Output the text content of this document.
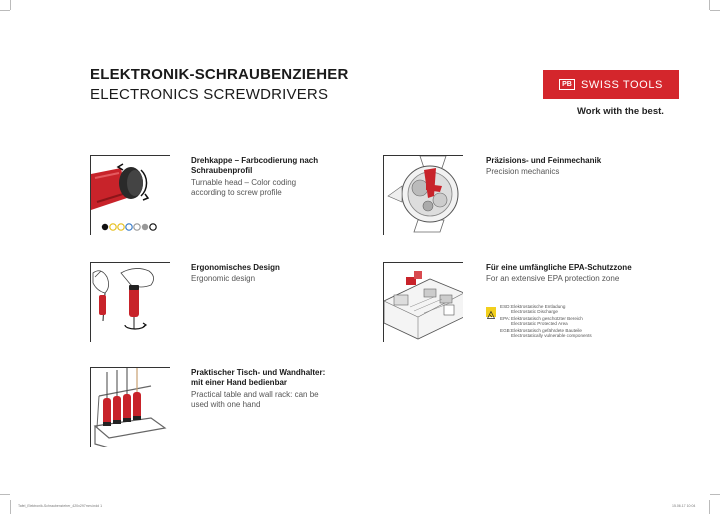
ELEKTRONIK-SCHRAUBENZIEHER
ELECTRONICS SCREWDRIVERS
PB SWISS TOOLS
Work with the best.
Drehkappe – Farbcodierung nach Schraubenprofil
Turnable head – Color coding according to screw profile
Präzisions- und Feinmechanik
Precision mechanics
Ergonomisches Design
Ergonomic design
Für eine umfängliche EPA-Schutzzone
For an extensive EPA protection zone
ESD:Elektrostatische Entladung
Electrostatic Discharge
EPA:Elektrostatisch geschützter Bereich
Electrostatic Protected Area
EGB:Elektrostatisch gefährdete Bauteile
Electrostatically vulnerable components
Praktischer Tisch- und Wandhalter: mit einer Hand bedienbar
Practical table and wall rack: can be used with one hand
Tafel_Elektronik-Schraubenzieher_420x297mm.indd 1	15.06.17 10:04
